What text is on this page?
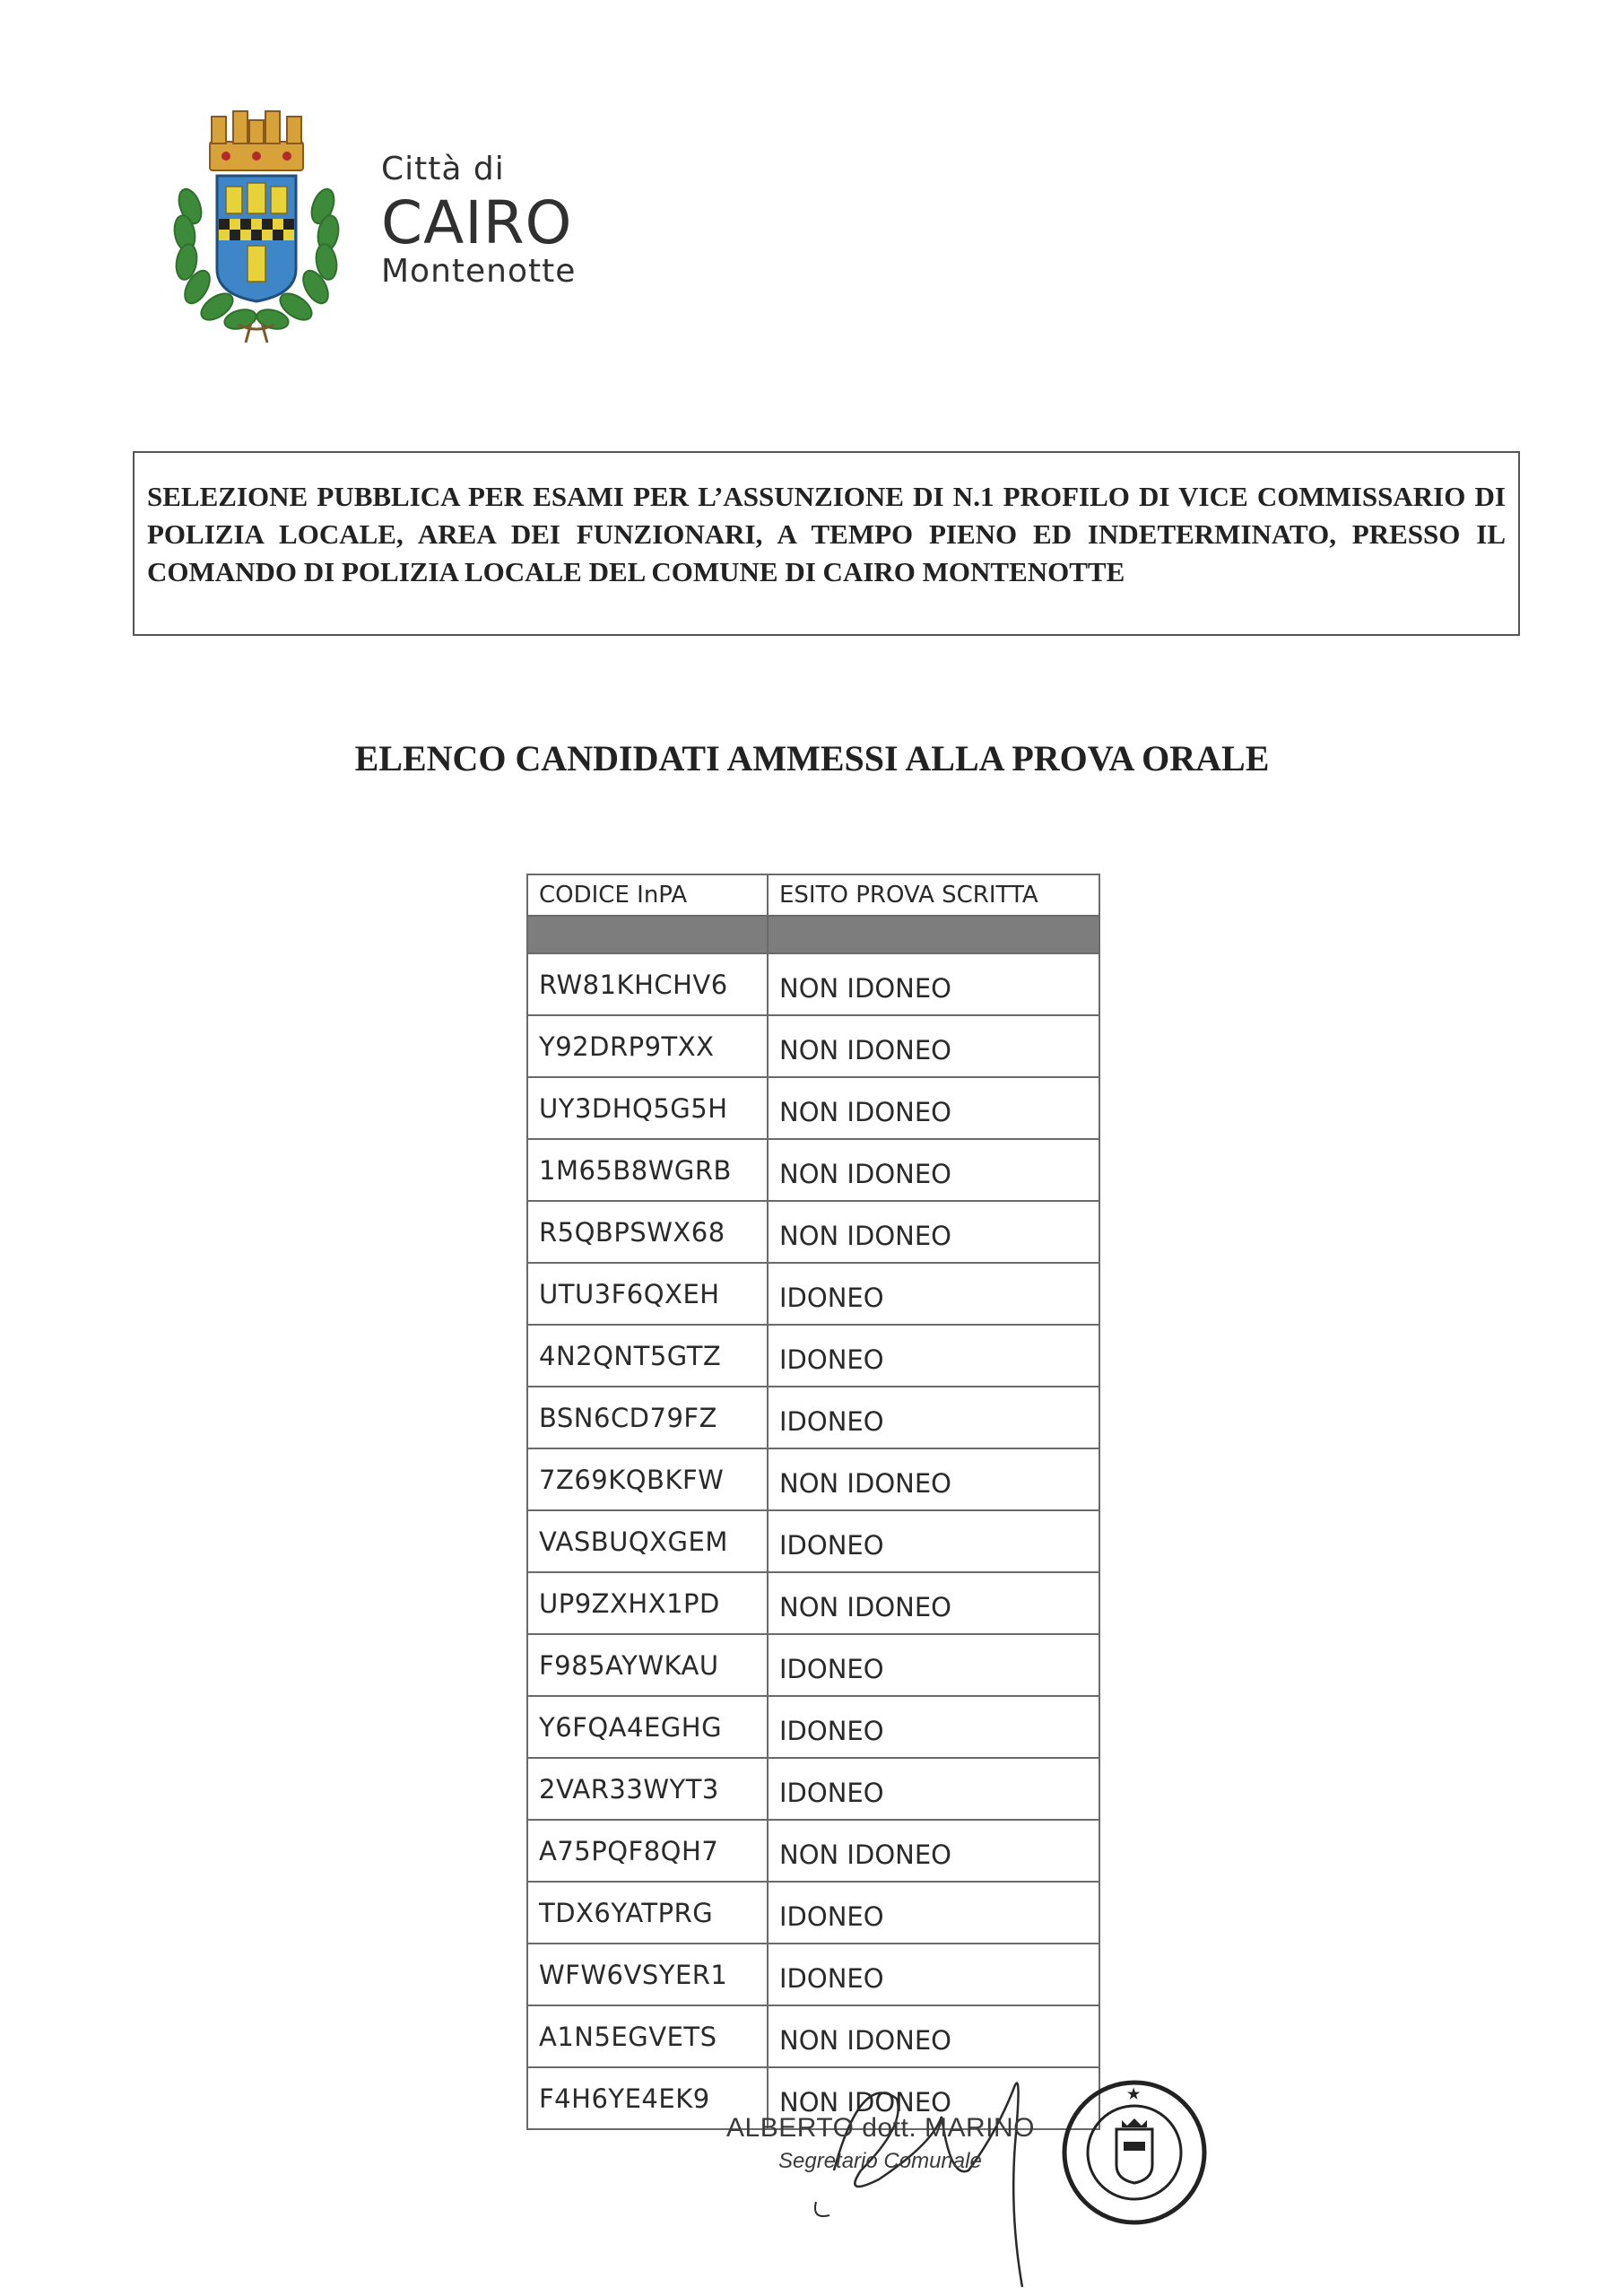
Città di
CAIRO
Montenotte

SELEZIONE PUBBLICA PER ESAMI PER L’ASSUNZIONE DI N.1 PROFILO DI VICE COMMISSARIO DI POLIZIA LOCALE, AREA DEI FUNZIONARI, A TEMPO PIENO ED INDETERMINATO, PRESSO IL COMANDO DI POLIZIA LOCALE DEL COMUNE DI CAIRO MONTENOTTE

ELENCO CANDIDATI AMMESSI ALLA PROVA ORALE
CODICE InPA	ESITO PROVA SCRITTA

RW81KHCHV6	NON IDONEO
Y92DRP9TXX	NON IDONEO
UY3DHQ5G5H	NON IDONEO
1M65B8WGRB	NON IDONEO
R5QBPSWX68	NON IDONEO
UTU3F6QXEH	IDONEO
4N2QNT5GTZ	IDONEO
BSN6CD79FZ	IDONEO
7Z69KQBKFW	NON IDONEO
VASBUQXGEM	IDONEO
UP9ZXHX1PD	NON IDONEO
F985AYWKAU	IDONEO
Y6FQA4EGHG	IDONEO
2VAR33WYT3	IDONEO
A75PQF8QH7	NON IDONEO
TDX6YATPRG	IDONEO
WFW6VSYER1	IDONEO
A1N5EGVETS	NON IDONEO
F4H6YE4EK9	NON IDONEO	★
ALBERTO dott. MARINO
Segretario Comunale
